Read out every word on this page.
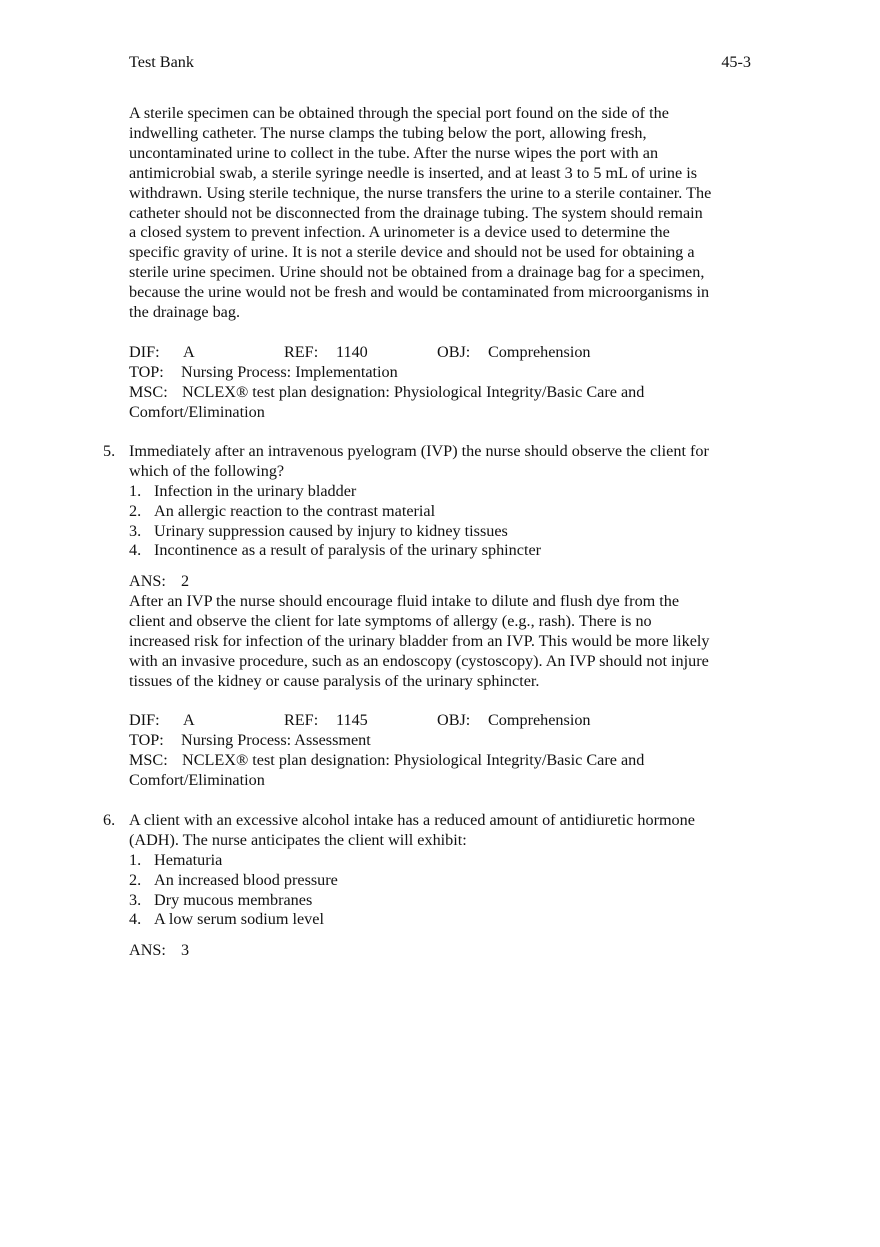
Test Bank	45-3
A sterile specimen can be obtained through the special port found on the side of the
indwelling catheter. The nurse clamps the tubing below the port, allowing fresh,
uncontaminated urine to collect in the tube. After the nurse wipes the port with an
antimicrobial swab, a sterile syringe needle is inserted, and at least 3 to 5 mL of urine is
withdrawn. Using sterile technique, the nurse transfers the urine to a sterile container. The
catheter should not be disconnected from the drainage tubing. The system should remain
a closed system to prevent infection. A urinometer is a device used to determine the
specific gravity of urine. It is not a sterile device and should not be used for obtaining a
sterile urine specimen. Urine should not be obtained from a drainage bag for a specimen,
because the urine would not be fresh and would be contaminated from microorganisms in
the drainage bag.
DIF: A	REF: 1140	OBJ: Comprehension
TOP: Nursing Process: Implementation
MSC: NCLEX® test plan designation: Physiological Integrity/Basic Care and
Comfort/Elimination
5. Immediately after an intravenous pyelogram (IVP) the nurse should observe the client for
which of the following?
1. Infection in the urinary bladder
2. An allergic reaction to the contrast material
3. Urinary suppression caused by injury to kidney tissues
4. Incontinence as a result of paralysis of the urinary sphincter
ANS: 2
After an IVP the nurse should encourage fluid intake to dilute and flush dye from the
client and observe the client for late symptoms of allergy (e.g., rash). There is no
increased risk for infection of the urinary bladder from an IVP. This would be more likely
with an invasive procedure, such as an endoscopy (cystoscopy). An IVP should not injure
tissues of the kidney or cause paralysis of the urinary sphincter.
DIF: A	REF: 1145	OBJ: Comprehension
TOP: Nursing Process: Assessment
MSC: NCLEX® test plan designation: Physiological Integrity/Basic Care and
Comfort/Elimination
6. A client with an excessive alcohol intake has a reduced amount of antidiuretic hormone
(ADH). The nurse anticipates the client will exhibit:
1. Hematuria
2. An increased blood pressure
3. Dry mucous membranes
4. A low serum sodium level
ANS: 3
